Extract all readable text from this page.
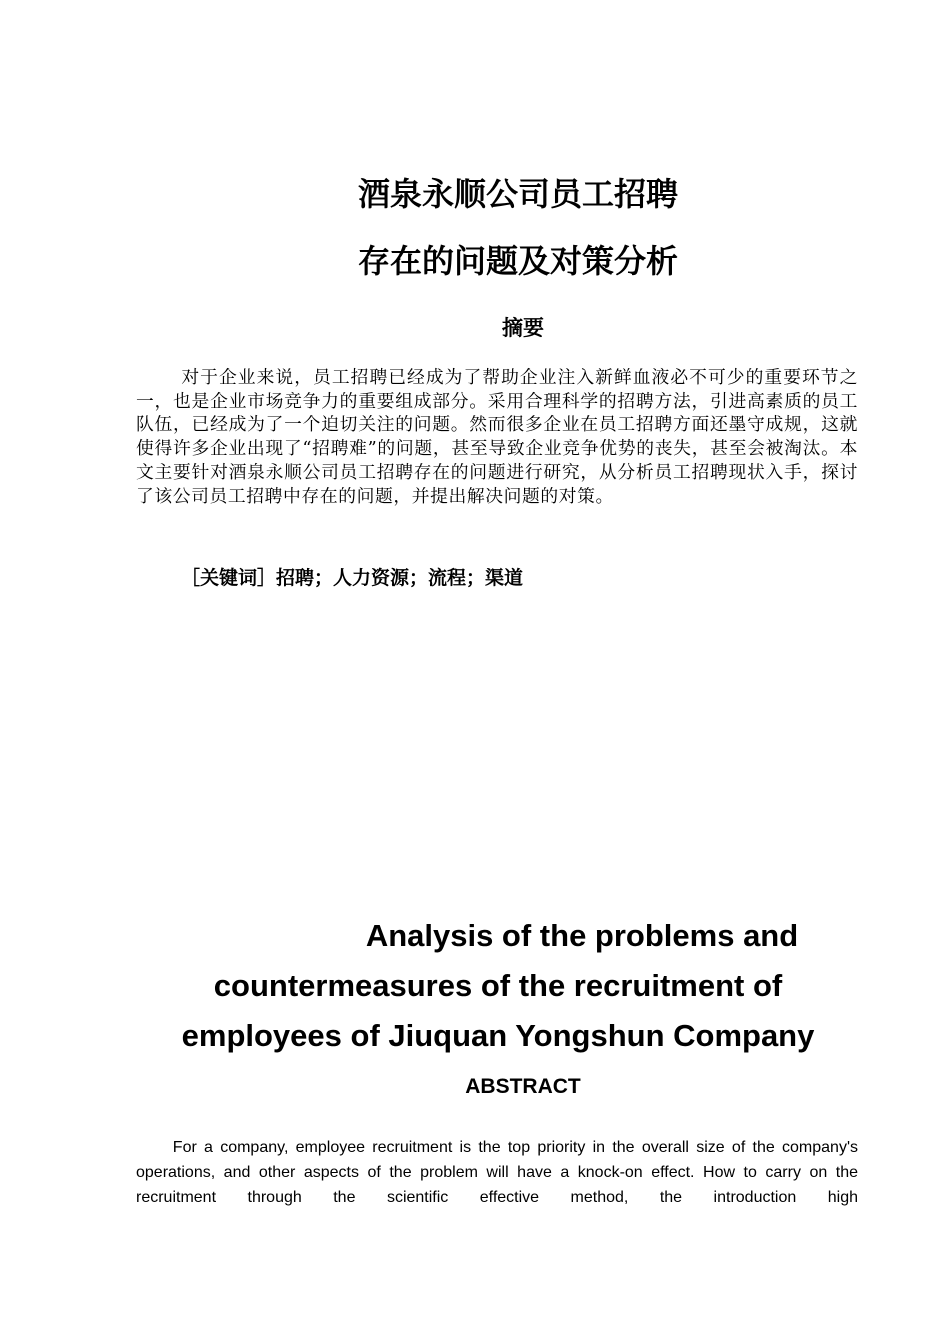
酒泉永顺公司员工招聘
存在的问题及对策分析
摘要
对于企业来说，员工招聘已经成为了帮助企业注入新鲜血液必不可少的重要环节之一，也是企业市场竞争力的重要组成部分。采用合理科学的招聘方法，引进高素质的员工队伍，已经成为了一个迫切关注的问题。然而很多企业在员工招聘方面还墨守成规，这就使得许多企业出现了“招聘难”的问题，甚至导致企业竞争优势的丧失，甚至会被淘汰。本文主要针对酒泉永顺公司员工招聘存在的问题进行研究，从分析员工招聘现状入手，探讨了该公司员工招聘中存在的问题，并提出解决问题的对策。
［关键词］招聘；人力资源；流程；渠道
Analysis of the problems and
countermeasures of the recruitment of
employees of Jiuquan Yongshun Company
ABSTRACT
For a company, employee recruitment is the top priority in the overall size of the company's operations, and other aspects of the problem will have a knock-on effect. How to carry on the recruitment through the scientific effective method, the introduction high
